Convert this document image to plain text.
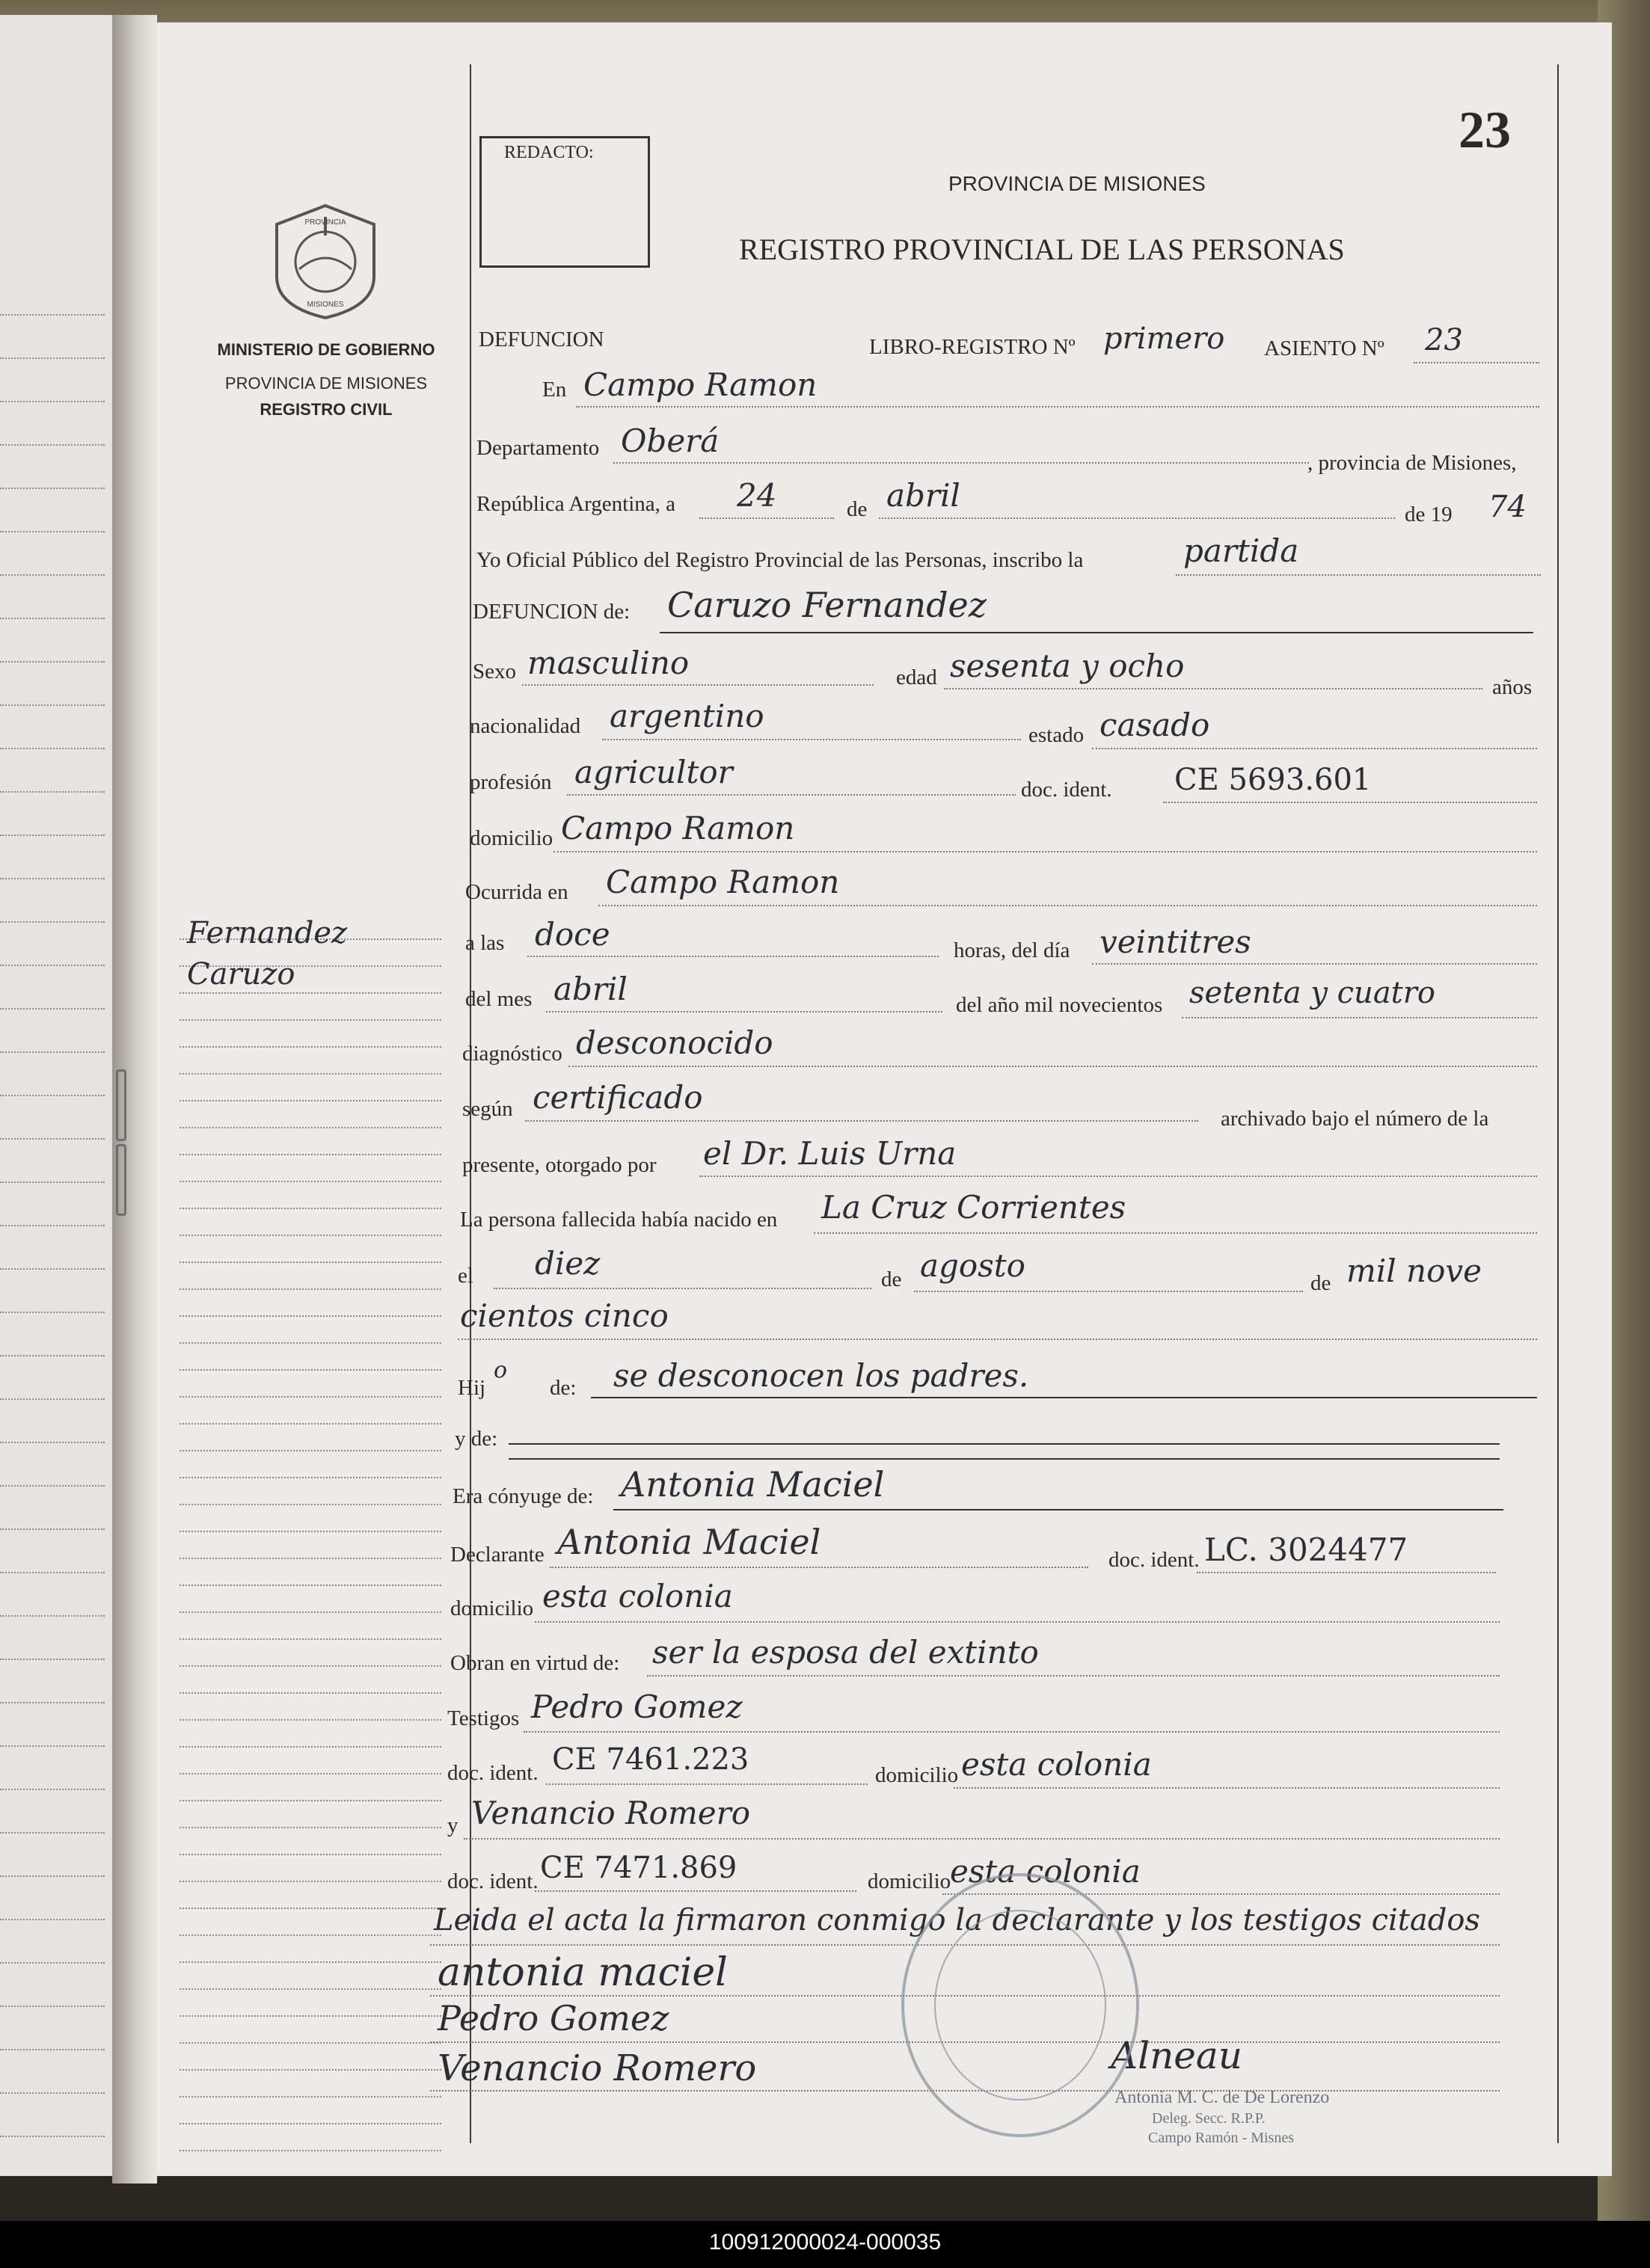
23
REDACTO:
PROVINCIA
MISIONES
MINISTERIO DE GOBIERNO
PROVINCIA DE MISIONES
REGISTRO CIVIL
PROVINCIA DE MISIONES
REGISTRO PROVINCIAL DE LAS PERSONAS
Fernandez
Caruzo
DEFUNCION	LIBRO-REGISTRO Nº primero ASIENTO Nº 23
En Campo Ramon
Departamento Oberá
, provincia de Misiones,
República Argentina, a 24	de abril
de 19 74
Yo Oficial Público del Registro Provincial de las Personas, inscribo la	partida
DEFUNCION de: Caruzo Fernandez
Sexo masculino	edad sesenta y ocho
años
nacionalidad argentino
estado casado
profesión agricultor	doc. ident. CE 5693.601
domicilio Campo Ramon
Ocurrida en Campo Ramon
a las doce	horas, del día veintitres
del mes abril	del año mil novecientos setenta y cuatro
diagnóstico desconocido
según certificado
archivado bajo el número de la
presente, otorgado por el Dr. Luis Urna
La persona fallecida había nacido en La Cruz Corrientes
el diez	de agosto	de mil nove
cientos cinco
Hij
o
de: se desconocen los padres.
y de:
Era cónyuge de: Antonia Maciel
Declarante Antonia Maciel	doc. ident. LC. 3024477
domicilio esta colonia
Obran en virtud de: ser la esposa del extinto
Testigos Pedro Gomez
doc. ident. CE 7461.223	domicilio esta colonia
y Venancio Romero
doc. ident. CE 7471.869	domicilio
esta colonia
Leida el acta la firmaron conmigo la declarante y los testigos citados
antonia maciel
Pedro Gomez
Venancio Romero	Alneau
Antonia M. C. de De Lorenzo
Deleg. Secc. R.P.P.
Campo Ramón - Misnes
100912000024-000035
